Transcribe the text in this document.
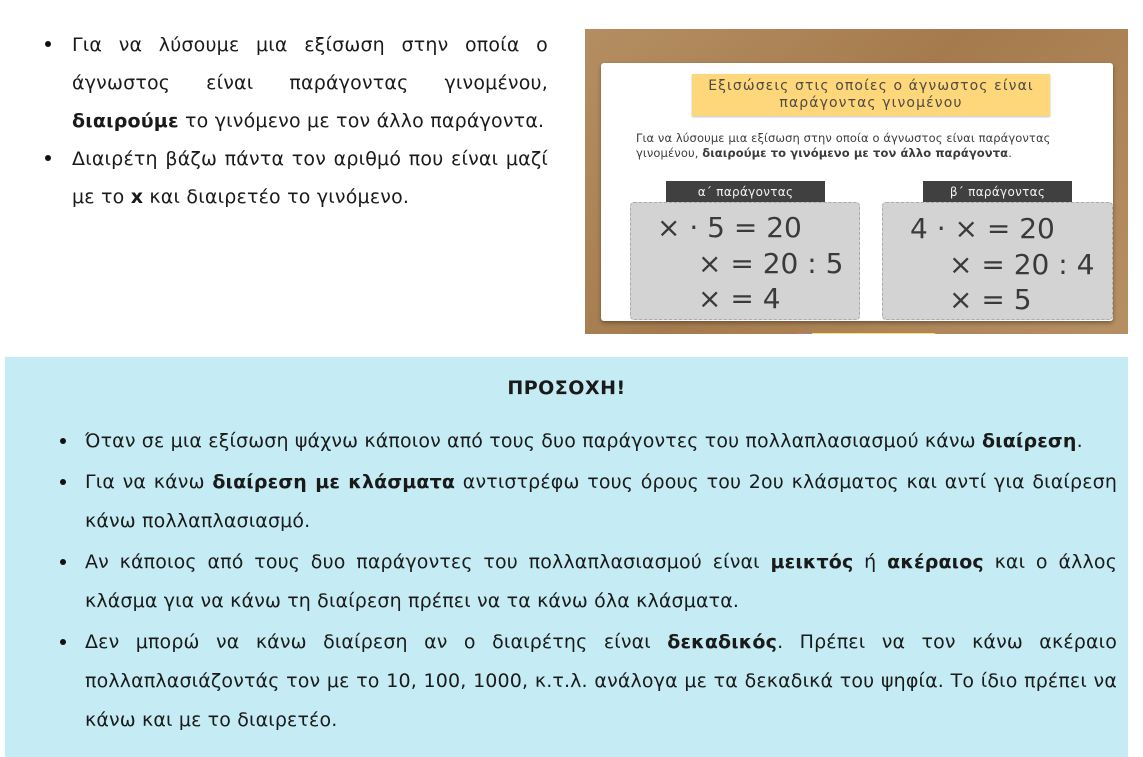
Για να λύσουμε μια εξίσωση στην οποία ο άγνωστος είναι παράγοντας γινομένου, διαιρούμε το γινόμενο με τον άλλο παράγοντα.
Διαιρέτη βάζω πάντα τον αριθμό που είναι μαζί με το x και διαιρετέο το γινόμενο.
Εξισώσεις στις οποίες ο άγνωστος είναι
παράγοντας γινομένου
Για να λύσουμε μια εξίσωση στην οποία ο άγνωστος είναι παράγοντας γινομένου, διαιρούμε το γινόμενο με τον άλλο παράγοντα.
α΄ παράγοντας	β΄ παράγοντας
× · 5 = 20
× = 20 : 5
× = 4
4 · × = 20
× = 20 : 4
× = 5
ΠΡΟΣΟΧΗ!
Όταν σε μια εξίσωση ψάχνω κάποιον από τους δυο παράγοντες του πολλαπλασιασμού κάνω διαίρεση.
Για να κάνω διαίρεση με κλάσματα αντιστρέφω τους όρους του 2ου κλάσματος και αντί για διαίρεση κάνω πολλαπλασιασμό.
Αν κάποιος από τους δυο παράγοντες του πολλαπλασιασμού είναι μεικτός ή ακέραιος και ο άλλος κλάσμα για να κάνω τη διαίρεση πρέπει να τα κάνω όλα κλάσματα.
Δεν μπορώ να κάνω διαίρεση αν ο διαιρέτης είναι δεκαδικός. Πρέπει να τον κάνω ακέραιο πολλαπλασιάζοντάς τον με το 10, 100, 1000, κ.τ.λ. ανάλογα με τα δεκαδικά του ψηφία. Το ίδιο πρέπει να κάνω και με το διαιρετέο.
